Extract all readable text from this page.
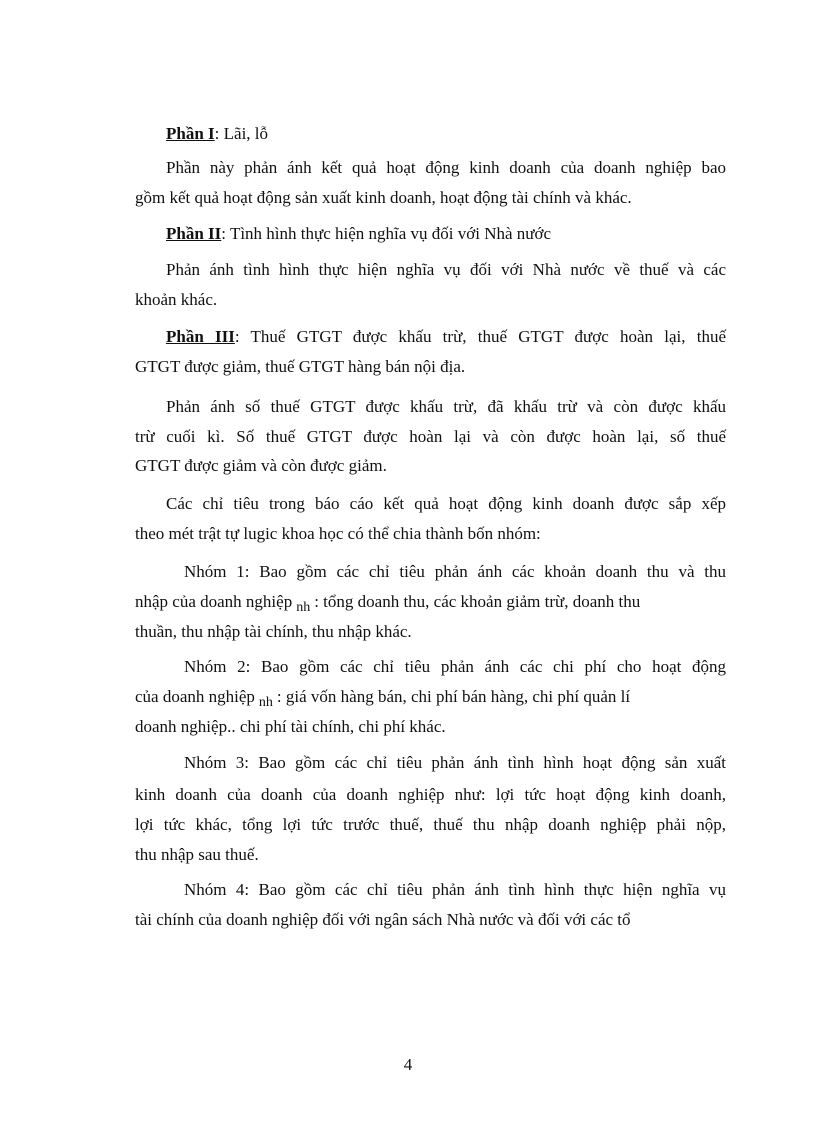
Phần I: Lãi, lỗ
Phần này phản ánh kết quả hoạt động kinh doanh của doanh nghiệp bao
gồm kết quả hoạt động sản xuất kinh doanh, hoạt động tài chính và khác.
Phần II: Tình hình thực hiện nghĩa vụ đối với Nhà nước
Phản ánh tình hình thực hiện nghĩa vụ đối với Nhà nước về thuế và các
khoản khác.
Phần III: Thuế GTGT được khấu trừ, thuế GTGT được hoàn lại, thuế
GTGT được giảm, thuế GTGT hàng bán nội địa.
Phản ánh số thuế GTGT được khấu trừ, đã khấu trừ và còn được khấu
trừ cuối kì. Số thuế GTGT được hoàn lại và còn được hoàn lại, số thuế
GTGT được giảm và còn được giảm.
Các chỉ tiêu trong báo cáo kết quả hoạt động kinh doanh được sắp xếp
theo mét trật tự lugic khoa học có thể chia thành bốn nhóm:
Nhóm 1: Bao gồm các chỉ tiêu phản ánh các khoản doanh thu và thu
nhập của doanh nghiệp $_{nh}$ : tổng doanh thu, các khoản giảm trừ, doanh thu
thuần, thu nhập tài chính, thu nhập khác.
Nhóm 2: Bao gồm các chỉ tiêu phản ánh các chi phí cho hoạt động
của doanh nghiệp $_{nh}$ : giá vốn hàng bán, chi phí bán hàng, chi phí quản lí
doanh nghiệp.. chi phí tài chính, chi phí khác.
Nhóm 3: Bao gồm các chỉ tiêu phản ánh tình hình hoạt động sản xuất
kinh doanh của doanh của doanh nghiệp như: lợi tức hoạt động kinh doanh,
lợi tức khác, tổng lợi tức trước thuế, thuế thu nhập doanh nghiệp phải nộp,
thu nhập sau thuế.
Nhóm 4: Bao gồm các chỉ tiêu phản ánh tình hình thực hiện nghĩa vụ
tài chính của doanh nghiệp đối với ngân sách Nhà nước và đối với các tổ
4
